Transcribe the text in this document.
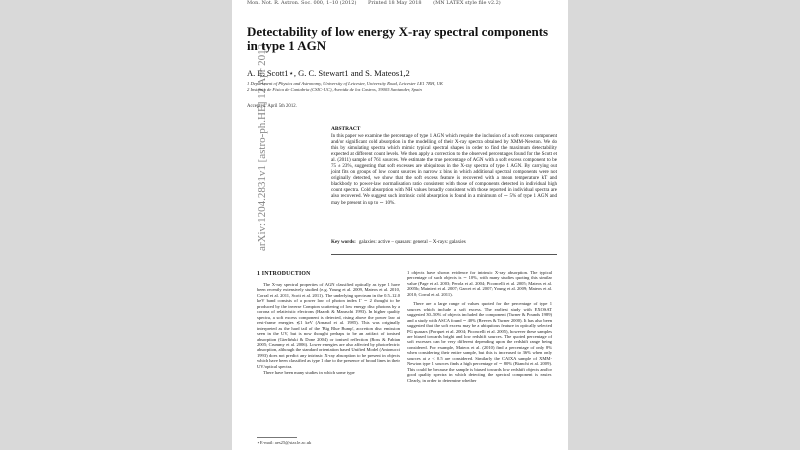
Mon. Not. R. Astron. Soc. 000, 1–10 (2012) Printed 18 May 2018 (MN LATEX style file v2.2)
arXiv:1204.2831v1 [astro-ph.HE] 12 Apr 2012
Detectability of low energy X-ray spectral components in type 1 AGN
A. E. Scott1⋆, G. C. Stewart1 and S. Mateos1,2
1 Department of Physics and Astronomy, University of Leicester, University Road, Leicester LE1 7RH, UK
2 Instituto de Fisica de Cantabria (CSIC-UC), Avenida de los Castros, 39005 Santander, Spain
Accepted: April 5th 2012.
ABSTRACT
In this paper we examine the percentage of type 1 AGN which require the inclusion of a soft excess component and/or significant cold absorption in the modelling of their X-ray spectra obtained by XMM-Newton. We do this by simulating spectra which mimic typical spectral shapes in order to find the maximum detectability expected at different count levels. We then apply a correction to the observed percentages found for the Scott et al. (2011) sample of 761 sources. We estimate the true percentage of AGN with a soft excess component to be 75 ± 23%, suggesting that soft excesses are ubiquitous in the X-ray spectra of type 1 AGN. By carrying out joint fits on groups of low count sources in narrow z bins in which additional spectral components were not originally detected, we show that the soft excess feature is recovered with a mean temperature kT and blackbody to power-law normalisation ratio consistent with those of components detected in individual high count spectra. Cold absorption with NH values broadly consistent with those reported in individual spectra are also recovered. We suggest such intrinsic cold absorption is found in a minimum of ∼ 5% of type 1 AGN and may be present in up to ∼ 10%.
Key words: galaxies: active – quasars: general – X-rays: galaxies
1 INTRODUCTION

The X-ray spectral properties of AGN classified optically as type 1 have been recently extensively studied (e.g. Young et al. 2009, Mateos et al. 2010, Corral et al. 2011, Scott et al. 2011). The underlying spectrum in the 0.5–12.0 keV band consists of a power law of photon index Γ ∼ 2 thought to be produced by the inverse Compton scattering of low energy disc photons by a corona of relativistic electrons (Haardt & Maraschi 1993). In higher quality spectra, a soft excess component is detected, rising above the power law at rest-frame energies ≲1 keV (Arnaud et al. 1985). This was originally interpreted as the hard tail of the 'Big Blue Bump', accretion disc emission seen in the UV, but is now thought perhaps to be an artifact of ionised absorption (Gierliński & Done 2004) or ionised reflection (Ross & Fabian 2005; Crummy et al. 2006). Lower energies are also affected by photoelectric absorption, although the standard orientation based Unified Model (Antonucci 1993) does not predict any intrinsic X-ray absorption to be present in objects which have been classified as type 1 due to the presence of broad lines in their UV/optical spectra.

There have been many studies in which some type

1 objects have shown evidence for intrinsic X-ray absorption. The typical percentage of such objects is ∼ 10%, with many studies quoting this similar value (Page et al. 2003; Perola et al. 2004; Piconcelli et al. 2005; Mateos et al. 2005b; Mainieri et al. 2007; Garcet et al. 2007; Young et al. 2009; Mateos et al. 2010; Corral et al. 2011).

There are a large range of values quoted for the percentage of type 1 sources which include a soft excess. The earliest study with EXOSAT suggested 30–50% of objects included the component (Turner & Pounds 1989) and a study with ASCA found ∼ 40% (Reeves & Turner 2000). It has also been suggested that the soft excess may be a ubiquitous feature in optically selected PG quasars (Porquet et al. 2004; Piconcelli et al. 2005), however these samples are biased towards bright and low redshift sources. The quoted percentage of soft excesses can be very different depending upon the redshift range being considered. For example, Mateos et al. (2010) find a percentage of only 8% when considering their entire sample, but this is increased to 36% when only sources at z < 0.5 are considered. Similarly the CAIXA sample of XMM-Newton type 1 sources finds a high percentage of ∼ 80% (Bianchi et al. 2009). This could be because the sample is biased towards low redshift objects and/or good quality spectra in which detecting the spectral component is easier. Clearly, in order to determine whether

⋆E-mail: aes25@star.le.ac.uk
